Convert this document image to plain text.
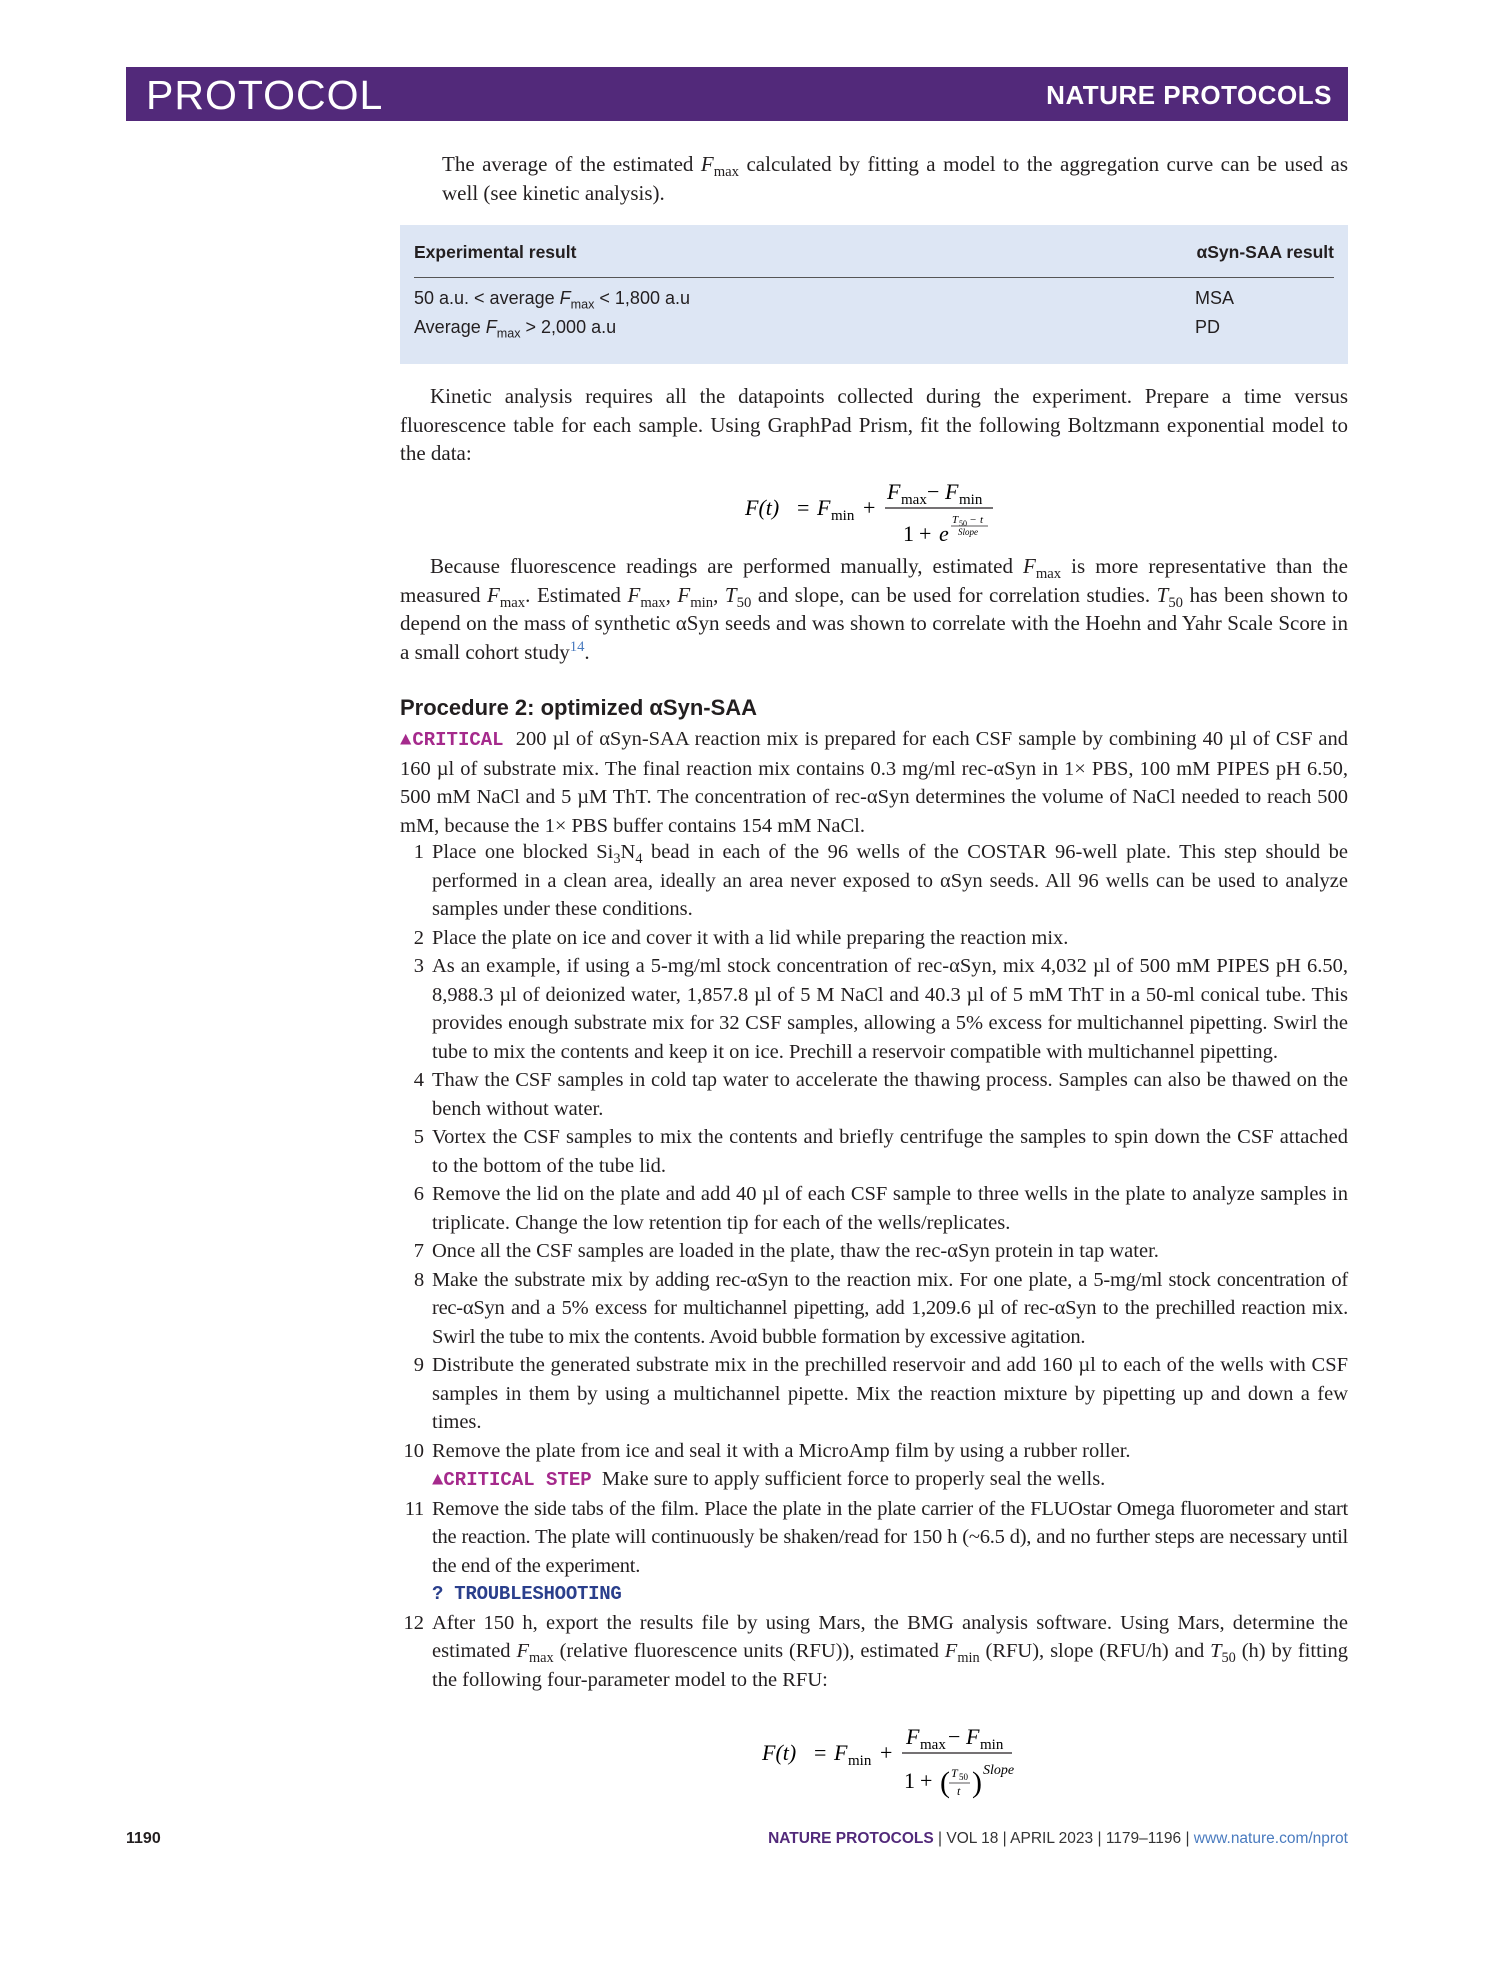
PROTOCOL	NATURE PROTOCOLS

The average of the estimated $F_{max}$ calculated by fitting a model to the aggregation curve can be used as well (see kinetic analysis).

Experimental result	αSyn-SAA result
50 a.u. < average $F_{max} < 1,800$ a.u	MSA
Average $F_{max} > 2,000$ a.u	PD

Kinetic analysis requires all the datapoints collected during the experiment. Prepare a time versus fluorescence table for each sample. Using GraphPad Prism, fit the following Boltzmann exponential model to the data:

F(t) = F min +
F max − F min
1 + e
T 50 − t
Slope

Because fluorescence readings are performed manually, estimated $F_{max}$ is more representative than the measured $F_{max}$. Estimated $F_{max}$, $F_{min}$, $T_{50}$ and slope, can be used for correlation studies. $T_{50}$ has been shown to depend on the mass of synthetic αSyn seeds and was shown to correlate with the Hoehn and Yahr Scale Score in a small cohort study$^{14}$.

Procedure 2: optimized αSyn-SAA

▲CRITICAL 200 µl of αSyn-SAA reaction mix is prepared for each CSF sample by combining 40 µl of CSF and 160 µl of substrate mix. The final reaction mix contains 0.3 mg/ml rec-αSyn in 1× PBS, 100 mM PIPES pH 6.50, 500 mM NaCl and 5 µM ThT. The concentration of rec-αSyn determines the volume of NaCl needed to reach 500 mM, because the 1× PBS buffer contains 154 mM NaCl.

1 Place one blocked $Si_3N_4$ bead in each of the 96 wells of the COSTAR 96-well plate. This step should be performed in a clean area, ideally an area never exposed to αSyn seeds. All 96 wells can be used to analyze samples under these conditions.
2 Place the plate on ice and cover it with a lid while preparing the reaction mix.
3 As an example, if using a 5-mg/ml stock concentration of rec-αSyn, mix 4,032 µl of 500 mM PIPES pH 6.50, 8,988.3 µl of deionized water, 1,857.8 µl of 5 M NaCl and 40.3 µl of 5 mM ThT in a 50-ml conical tube. This provides enough substrate mix for 32 CSF samples, allowing a 5% excess for multichannel pipetting. Swirl the tube to mix the contents and keep it on ice. Prechill a reservoir compatible with multichannel pipetting.
4 Thaw the CSF samples in cold tap water to accelerate the thawing process. Samples can also be thawed on the bench without water.
5 Vortex the CSF samples to mix the contents and briefly centrifuge the samples to spin down the CSF attached to the bottom of the tube lid.
6 Remove the lid on the plate and add 40 µl of each CSF sample to three wells in the plate to analyze samples in triplicate. Change the low retention tip for each of the wells/replicates.
7 Once all the CSF samples are loaded in the plate, thaw the rec-αSyn protein in tap water.
8 Make the substrate mix by adding rec-αSyn to the reaction mix. For one plate, a 5-mg/ml stock concentration of rec-αSyn and a 5% excess for multichannel pipetting, add 1,209.6 µl of rec-αSyn to the prechilled reaction mix. Swirl the tube to mix the contents. Avoid bubble formation by excessive agitation.
9 Distribute the generated substrate mix in the prechilled reservoir and add 160 µl to each of the wells with CSF samples in them by using a multichannel pipette. Mix the reaction mixture by pipetting up and down a few times.
10 Remove the plate from ice and seal it with a MicroAmp film by using a rubber roller.
▲CRITICAL STEP Make sure to apply sufficient force to properly seal the wells.
11 Remove the side tabs of the film. Place the plate in the plate carrier of the FLUOstar Omega fluorometer and start the reaction. The plate will continuously be shaken/read for 150 h (~6.5 d), and no further steps are necessary until the end of the experiment.
? TROUBLESHOOTING
12 After 150 h, export the results file by using Mars, the BMG analysis software. Using Mars, determine the estimated $F_{max}$ (relative fluorescence units (RFU)), estimated $F_{min}$ (RFU), slope (RFU/h) and $T_{50}$ (h) by fitting the following four-parameter model to the RFU:
F(t) = F min +
F max − F min
1 + ( T 50
t ) Slope
1190	NATURE PROTOCOLS | VOL 18 | APRIL 2023 | 1179–1196 | www.nature.com/nprot
